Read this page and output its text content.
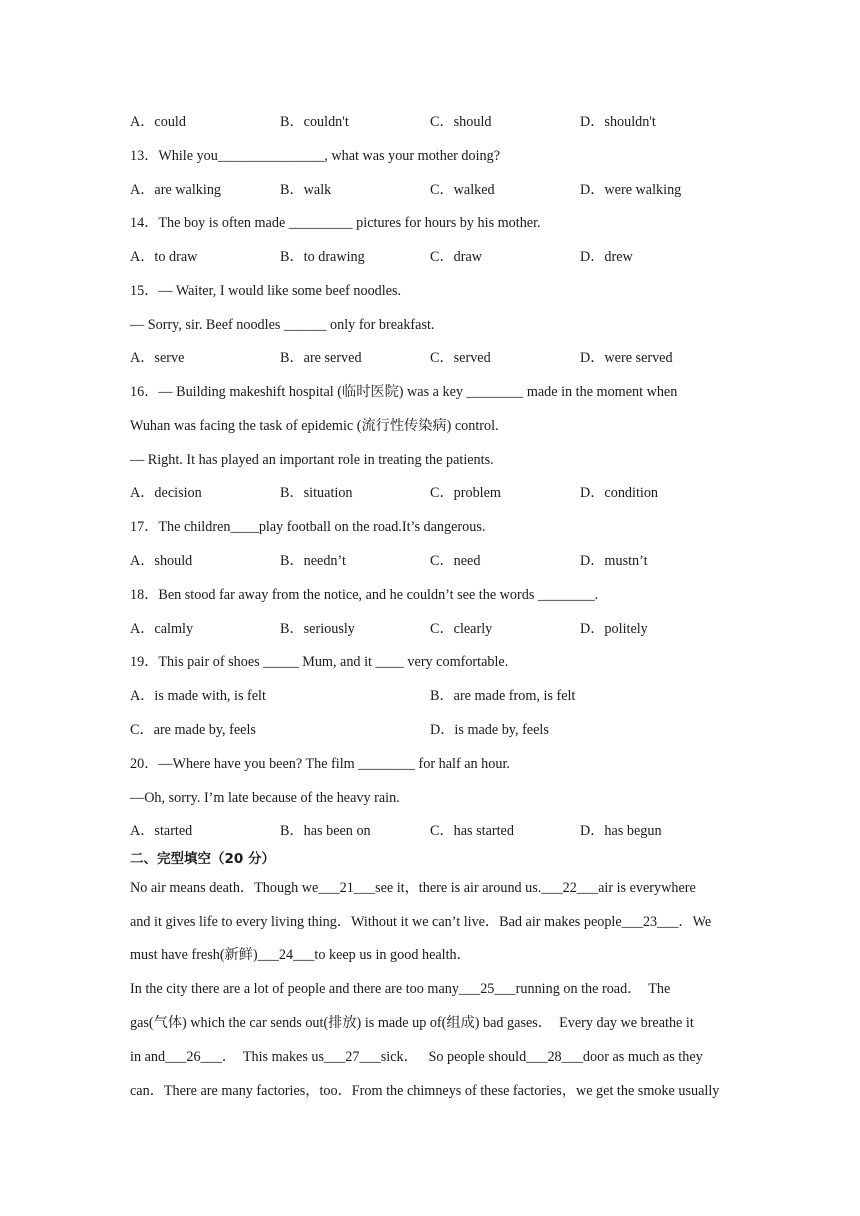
A．could	B．couldn't	C．should	D．shouldn't
13．While you_______________, what was your mother doing?
A．are walking	B．walk	C．walked	D．were walking
14．The boy is often made _________ pictures for hours by his mother.
A．to draw	B．to drawing	C．draw	D．drew
15．— Waiter, I would like some beef noodles.
— Sorry, sir. Beef noodles ______ only for breakfast.
A．serve	B．are served	C．served	D．were served
16．— Building makeshift hospital (临时医院) was a key ________ made in the moment when
Wuhan was facing the task of epidemic (流行性传染病) control.
— Right. It has played an important role in treating the patients.
A．decision	B．situation	C．problem	D．condition
17．The children____play football on the road.It’s dangerous.
A．should	B．needn’t	C．need	D．mustn’t
18．Ben stood far away from the notice, and he couldn’t see the words ________.
A．calmly	B．seriously	C．clearly	D．politely
19．This pair of shoes _____ Mum, and it ____ very comfortable.
A．is made with, is felt	B．are made from, is felt
C．are made by, feels	D．is made by, feels
20．—Where have you been? The film ________ for half an hour.
—Oh, sorry. I’m late because of the heavy rain.
A．started	B．has been on	C．has started	D．has begun
二、完型填空（20 分）
No air means death．Though we___21___see it，there is air around us.___22___air is everywhere
and it gives life to every living thing．Without it we can’t live．Bad air makes people___23___．We
must have fresh(新鲜)___24___to keep us in good health．
In the city there are a lot of people and there are too many___25___running on the road．  The
gas(气体) which the car sends out(排放) is made up of(组成) bad gases．  Every day we breathe it
in and___26___．  This makes us___27___sick．   So people should___28___door as much as they
can．There are many factories，too．From the chimneys of these factories，we get the smoke usually
